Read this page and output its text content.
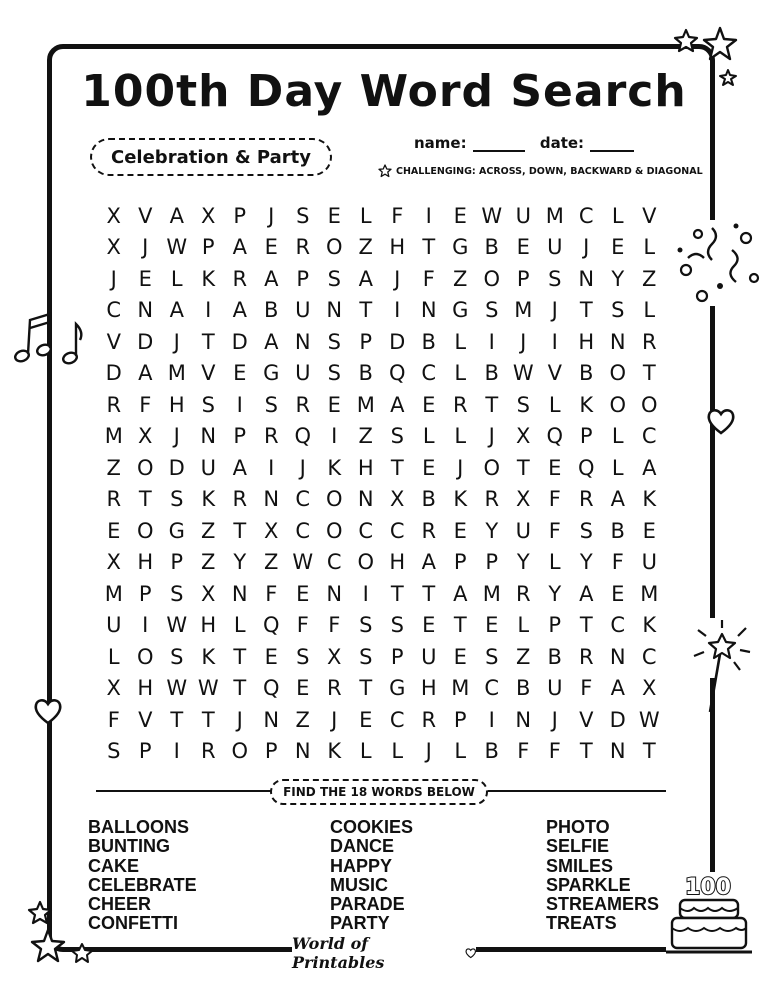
100
100th Day Word Search
Celebration & Party
name:	date:
CHALLENGING: ACROSS, DOWN, BACKWARD & DIAGONAL
X V A X P	J	S E L F	I	E W U M C L V
X	J W P A E R O Z H T G B E U J	E L
J	E L K R A P S A	J	F Z O P S N Y Z
C N A	I	A B U N T	I N G S M J	T S L
V D J	T D A N S P D B L	I	J	I H N R
D A M V E G U S B Q C L B W V B O T
R F H S	I	S R E M A E R T S L K O O
M X	J N P R Q I	Z S L L	J	X Q P L C
Z O D U A	I	J	K H T E	J O T E Q L A
R T S K R N C O N X B K R X F R A K
E O G Z T X C O C C R E Y U F S B E
X H P Z Y Z W C O H A P P Y L Y F U
M P S X N F E N I	T T A M R Y A E M
U I W H L Q F F S S E T E L P T C K
L O S K T E S X S P U E S Z B R N C
X H W W T Q E R T G H M C B U F A X
F V T T	J N Z	J	E C R P	I N J	V D W
S P	I	R O P N K L L	J	L B F F T N T
FIND THE 18 WORDS BELOW
BALLOONS
BUNTING
CAKE
CELEBRATE
CHEER
CONFETTI
COOKIES
DANCE
HAPPY
MUSIC
PARADE
PARTY
PHOTO
SELFIE
SMILES
SPARKLE
STREAMERS
TREATS
World of Printables
